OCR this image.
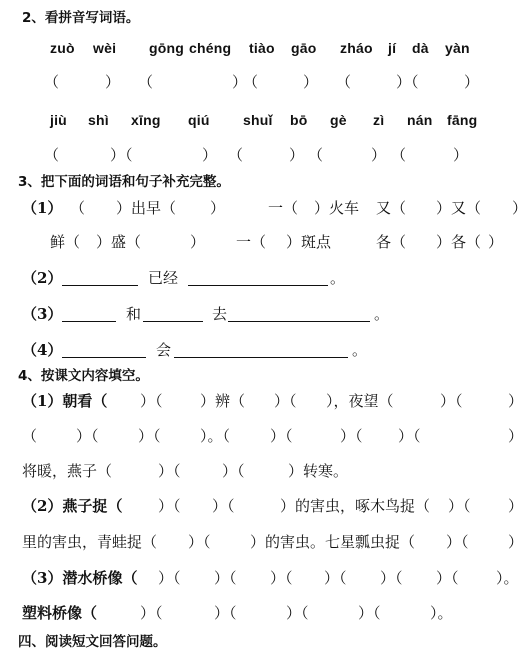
2、看拼音写词语。
zuò wèi gōng chéng tiào gāo zháo jí dà yàn
（	） （	）
（	） （	）（	）
jiù shì xīng qiú shuǐ bō gè zì nán fāng
（	）（	） （	） （	） （	）
3、把下面的词语和句子补充完整。
（1） （ ）出早（ ）	一（ ）火车 又（ ）又（ ）
鲜（ ）盛（	） 一（ ）斑点	各（ ）各（ ）
（2）	已经	。
（3）	和	去	。
（4）	会	。
4、按课文内容填空。
（1）朝看（ ）（ ）辨（ ）（ ），夜望（	）（	）
（	）（	）（	）。（	）（	）（ ）（	）
将暖，燕子（	）（	）（	）转寒。
（2）燕子捉（ ）（ ）（	）的害虫，啄木鸟捉（ ）（ ）
里的害虫，青蛙捉（ ）（	）的害虫。七星瓢虫捉（ ）（	）
（3）潜水桥像（ ）（ ）（ ）（ ）（ ）（ ）（ ）。
塑料桥像（	）（	）（	）（	）（	）。
四、阅读短文回答问题。
